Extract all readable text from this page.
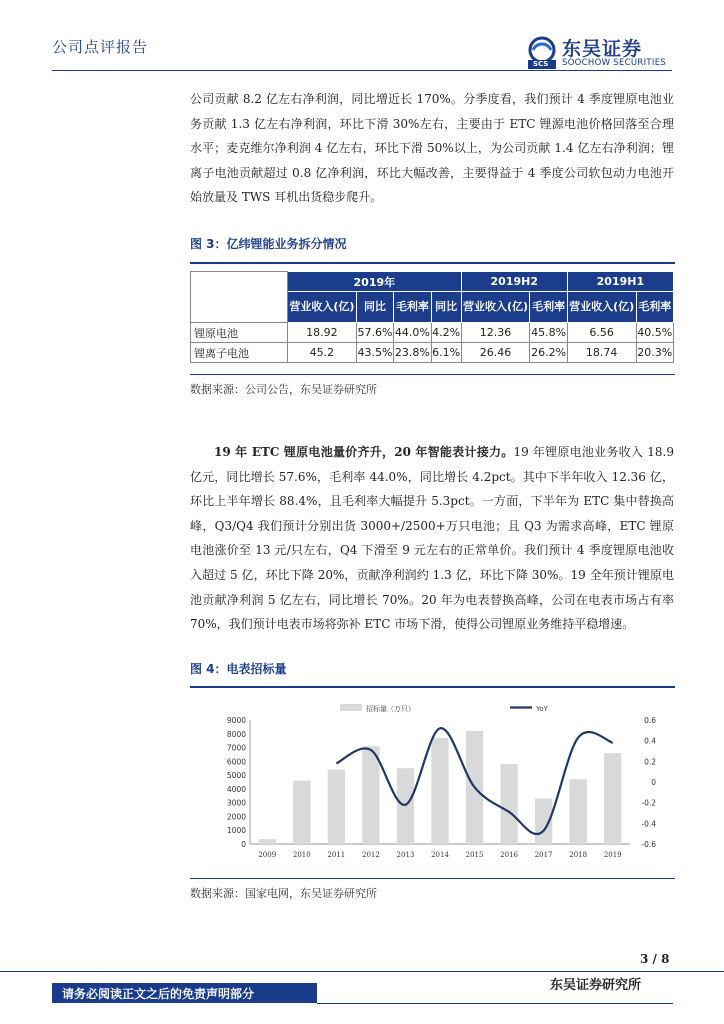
公司点评报告
SCS
东吴证券
SOOCHOW SECURITIES
公司贡献 8.2 亿左右净利润，同比增近长 170%。分季度看，我们预计 4 季度锂原电池业务贡献 1.3 亿左右净利润，环比下滑 30%左右，主要由于 ETC 锂源电池价格回落至合理水平；麦克维尔净利润 4 亿左右，环比下滑 50%以上，为公司贡献 1.4 亿左右净利润；锂离子电池贡献超过 0.8 亿净利润，环比大幅改善，主要得益于 4 季度公司软包动力电池开始放量及 TWS 耳机出货稳步爬升。
图 3：亿纬锂能业务拆分情况
	2019年				2019H2		2019H1	
	营业收入(亿)	同比	毛利率	同比	营业收入(亿)	毛利率	营业收入(亿)	毛利率
锂原电池	18.92	57.6%	44.0%	4.2%	12.36	45.8%	6.56	40.5%
锂离子电池	45.2	43.5%	23.8%	6.1%	26.46	26.2%	18.74	20.3%
数据来源：公司公告，东吴证券研究所
19 年 ETC 锂原电池量价齐升，20 年智能表计接力。19 年锂原电池业务收入 18.9 亿元，同比增长 57.6%，毛利率 44.0%，同比增长 4.2pct。其中下半年收入 12.36 亿，环比上半年增长 88.4%，且毛利率大幅提升 5.3pct。一方面，下半年为 ETC 集中替换高峰，Q3/Q4 我们预计分别出货 3000+/2500+万只电池；且 Q3 为需求高峰，ETC 锂原电池涨价至 13 元/只左右，Q4 下滑至 9 元左右的正常单价。我们预计 4 季度锂原电池收入超过 5 亿，环比下降 20%，贡献净利润约 1.3 亿，环比下降 30%。19 全年预计锂原电池贡献净利润 5 亿左右，同比增长 70%。20 年为电表替换高峰，公司在电表市场占有率 70%，我们预计电表市场将弥补 ETC 市场下滑，使得公司锂原业务维持平稳增速。
图 4：电表招标量
0
1000
2000
3000
4000
5000
6000
7000
8000
9000
-0.6
-0.4
-0.2
0
0.2
0.4
0.6
2009 2010 2011 2012 2013 2014 2015 2016 2017 2018 2019
招标量（万只）	YoY
数据来源：国家电网，东吴证券研究所
3 / 8
请务必阅读正文之后的免责声明部分
东吴证券研究所
